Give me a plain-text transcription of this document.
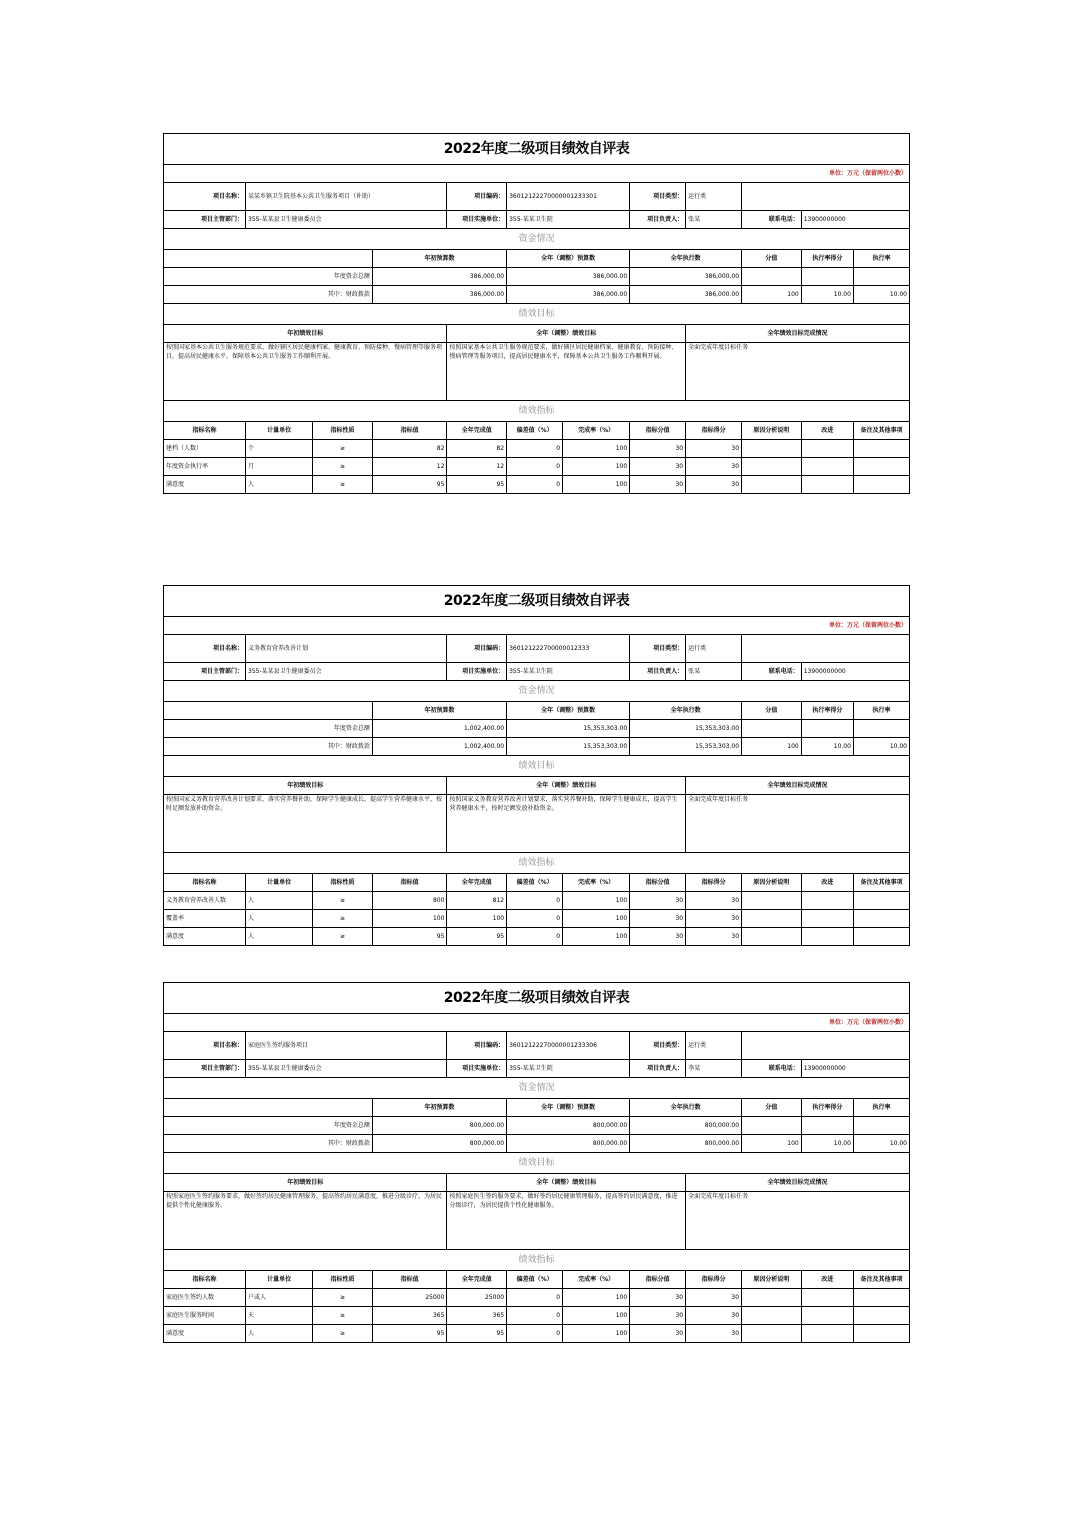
2022年度二级项目绩效自评表											
单位：万元（保留两位小数）											
项目名称：	某某乡镇卫生院基本公共卫生服务项目（补助）			项目编码：	36012122270000001233301		项目类型：	运行类			
项目主管部门：	355-某某县卫生健康委员会			项目实施单位：	355-某某卫生院		项目负责人：	张某	联系电话：	13900000000	
资金情况											
			年初预算数		全年（调整）预算数		全年执行数		分值	执行率得分	执行率
年度资金总额			386,000.00		386,000.00		386,000.00				
其中：财政拨款			386,000.00		386,000.00		386,000.00		100	10.00	10.00
绩效目标											
年初绩效目标				全年（调整）绩效目标				全年绩效目标完成情况			
按照国家基本公共卫生服务规范要求，做好辖区居民健康档案、健康教育、预防接种、慢病管理等服务项目，提高居民健康水平，保障基本公共卫生服务工作顺利开展。				按照国家基本公共卫生服务规范要求，做好辖区居民健康档案、健康教育、预防接种、慢病管理等服务项目，提高居民健康水平，保障基本公共卫生服务工作顺利开展。				全面完成年度目标任务			
绩效指标											
指标名称	计量单位	指标性质	指标值	全年完成值	偏差值（%）	完成率（%）	指标分值	指标得分	原因分析说明	改进	备注及其他事项
建档（人数）	个	≥	82	82	0	100	30	30			
年度资金执行率	月	≥	12	12	0	100	30	30			
满意度	人	≥	95	95	0	100	30	30			
2022年度二级项目绩效自评表											
单位：万元（保留两位小数）											
项目名称：	义务教育营养改善计划			项目编码：	360121222700000012333		项目类型：	运行类			
项目主管部门：	355-某某县卫生健康委员会			项目实施单位：	355-某某卫生院		项目负责人：	张某	联系电话：	13900000000	
资金情况											
			年初预算数		全年（调整）预算数		全年执行数		分值	执行率得分	执行率
年度资金总额			1,002,400.00		15,353,303.00		15,353,303.00				
其中：财政拨款			1,002,400.00		15,353,303.00		15,353,303.00		100	10.00	10.00
绩效目标											
年初绩效目标				全年（调整）绩效目标				全年绩效目标完成情况			
按照国家义务教育营养改善计划要求，落实营养餐补助，保障学生健康成长，提高学生营养健康水平，按时足额发放补助资金。				按照国家义务教育营养改善计划要求，落实营养餐补助，保障学生健康成长，提高学生营养健康水平，按时足额发放补助资金。				全面完成年度目标任务			
绩效指标											
指标名称	计量单位	指标性质	指标值	全年完成值	偏差值（%）	完成率（%）	指标分值	指标得分	原因分析说明	改进	备注及其他事项
义务教育营养改善人数	人	≥	800	812	0	100	30	30			
覆盖率	人	≥	100	100	0	100	30	30			
满意度	人	≥	95	95	0	100	30	30			
2022年度二级项目绩效自评表											
单位：万元（保留两位小数）											
项目名称：	家庭医生签约服务项目			项目编码：	36012122270000001233306		项目类型：	运行类			
项目主管部门：	355-某某县卫生健康委员会			项目实施单位：	355-某某卫生院		项目负责人：	李某	联系电话：	13900000000	
资金情况											
			年初预算数		全年（调整）预算数		全年执行数		分值	执行率得分	执行率
年度资金总额			800,000.00		800,000.00		800,000.00				
其中：财政拨款			800,000.00		800,000.00		800,000.00		100	10.00	10.00
绩效目标											
年初绩效目标				全年（调整）绩效目标				全年绩效目标完成情况			
按照家庭医生签约服务要求，做好签约居民健康管理服务，提高签约居民满意度，推进分级诊疗，为居民提供个性化健康服务。				按照家庭医生签约服务要求，做好签约居民健康管理服务，提高签约居民满意度，推进分级诊疗，为居民提供个性化健康服务。				全面完成年度目标任务			
绩效指标											
指标名称	计量单位	指标性质	指标值	全年完成值	偏差值（%）	完成率（%）	指标分值	指标得分	原因分析说明	改进	备注及其他事项
家庭医生签约人数	户或人	≥	25000	25000	0	100	30	30			
家庭医生服务时间	天	≥	365	365	0	100	30	30			
满意度	人	≥	95	95	0	100	30	30			
